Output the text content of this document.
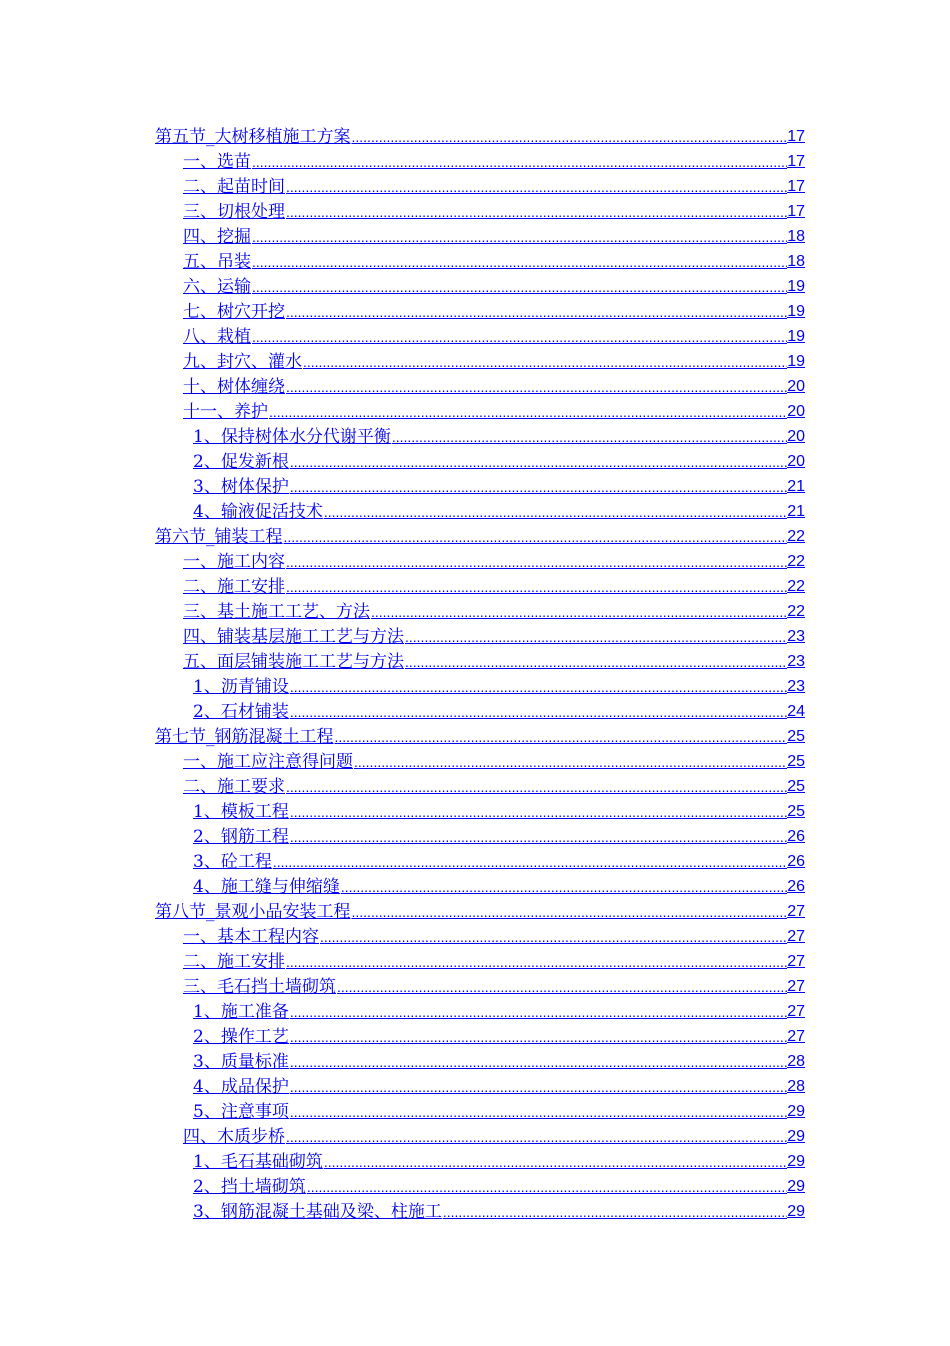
第五节_大树移植施工方案 .....	17
一、选苗 .....	17
二、起苗时间 .....	17
三、切根处理 .....	17
四、挖掘 .....	18
五、吊装 .....	18
六、运输 .....	19
七、树穴开挖 .....	19
八、栽植 .....	19
九、封穴、灌水 .....	19
十、树体缠绕 .....	20
十一、养护 .....	20
1、保持树体水分代谢平衡 .....	20
2、促发新根 .....	20
3、树体保护 .....	21
4、输液促活技术 .....	21
第六节_铺装工程 .....	22
一、施工内容 .....	22
二、施工安排 .....	22
三、基土施工工艺、方法 .....	22
四、铺装基层施工工艺与方法 .....	23
五、面层铺装施工工艺与方法 .....	23
1、沥青铺设 .....	23
2、石材铺装 .....	24
第七节_钢筋混凝土工程 .....	25
一、施工应注意得问题 .....	25
二、施工要求 .....	25
1、模板工程 .....	25
2、钢筋工程 .....	26
3、砼工程 .....	26
4、施工缝与伸缩缝 .....	26
第八节_景观小品安装工程 .....	27
一、基本工程内容 .....	27
二、施工安排 .....	27
三、毛石挡土墙砌筑 .....	27
1、施工准备 .....	27
2、操作工艺 .....	27
3、质量标准 .....	28
4、成品保护 .....	28
5、注意事项 .....	29
四、木质步桥 .....	29
1、毛石基础砌筑 .....	29
2、挡土墙砌筑 .....	29
3、钢筋混凝土基础及梁、柱施工 .....	29
